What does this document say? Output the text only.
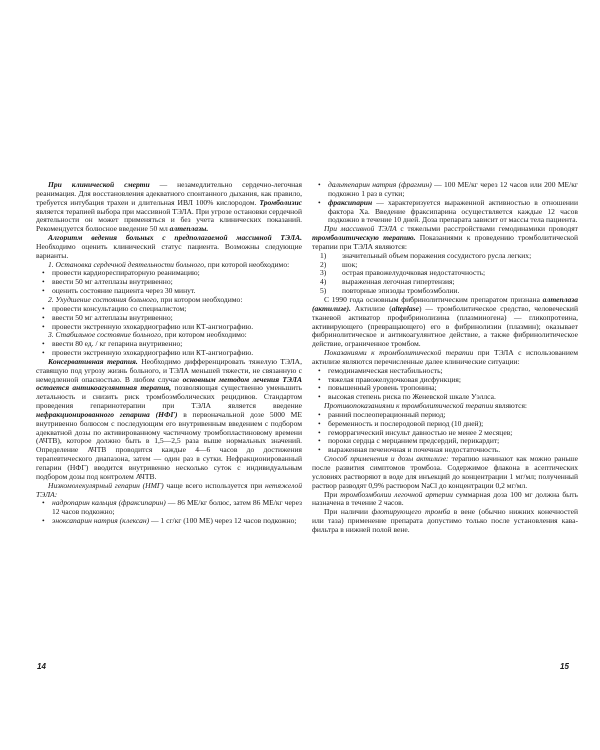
При клинической смерти — незамедлительно сердечно-легочная реанимация. Для восстановления адекватного спонтанного дыхания, как правило, требуется интубация трахеи и длительная ИВЛ 100% кислородом. Тромболизис является терапией выбора при массивной ТЭЛА. При угрозе остановки сердечной деятельности он может применяться и без учета клинических показаний. Рекомендуется болюсное введение 50 мл алтеплазы.

Алгоритм ведения больных с предполагаемой массивной ТЭЛА. Необходимо оценить клинический статус пациента. Возможны следующие варианты.

1. Остановка сердечной деятельности больного, при которой необходимо:

• провести кардиореспираторную реанимацию;
• ввести 50 мг алтеплазы внутривенно;
• оценить состояние пациента через 30 минут.

2. Ухудшение состояния больного, при котором необходимо:

• провести консультацию со специалистом;
• ввести 50 мг алтеплазы внутривенно;
• провести экстренную эхокардиографию или КТ-ангиографию.

3. Стабильное состояние больного, при котором необходимо:

• ввести 80 ед. / кг гепарина внутривенно;
• провести экстренную эхокардиографию или КТ-ангиографию.

Консервативная терапия. Необходимо дифференцировать тяжелую ТЭЛА, ставящую под угрозу жизнь больного, и ТЭЛА меньшей тяжести, не связанную с немедленной опасностью. В любом случае основным методом лечения ТЭЛА остается антикоагулянтная терапия, позволяющая существенно уменьшить летальность и снизить риск тромбоэмболических рецидивов. Стандартом проведения гепаринотерапии при ТЭЛА является введение нефракционированного гепарина (НФГ) в первоначальной дозе 5000 МЕ внутривенно болюсом с последующим его внутривенным введением с подбором адекватной дозы по активированному частичному тромбопластиновому времени (АЧТВ), которое должно быть в 1,5—2,5 раза выше нормальных значений. Определение АЧТВ проводится каждые 4—6 часов до достижения терапевтического диапазона, затем — один раз в сутки. Нефракционированный гепарин (НФГ) вводится внутривенно несколько суток с индивидуальным подбором дозы под контролем АЧТВ.

Низкомолекулярный гепарин (НМГ) чаще всего используется при нетяжелой ТЭЛА:

• надропарин кальция (фраксипарин) — 86 МЕ/кг болюс, затем 86 МЕ/кг через 12 часов подкожно;
• эноксапарин натрия (клексан) — 1 сг/кг (100 МЕ) через 12 часов подкожно;
14
• дальтепарин натрия (фрагмин) — 100 МЕ/кг через 12 часов или 200 МЕ/кг подкожно 1 раз в сутки;
• фраксипарин — характеризуется выраженной активностью в отношении фактора Ха. Введение фраксипарина осуществляется каждые 12 часов подкожно в течение 10 дней. Доза препарата зависит от массы тела пациента.

При массивной ТЭЛА с тяжелыми расстройствами гемодинамики проводят тромболитическую терапию. Показаниями к проведению тромболитической терапии при ТЭЛА являются:

1) значительный объем поражения сосудистого русла легких;
2) шок;
3) острая правожелудочковая недостаточность;
4) выраженная легочная гипертензия;
5) повторные эпизоды тромбоэмболии.

С 1990 года основным фибринолитическим препаратом признана алтеплаза (актилизе). Актилизе (alteplase) — тромболитическое средство, человеческий тканевой активатор профибринолизина (плазминогена) — гликопротеина, активирующего (превращающего) его в фибринолизин (плазмин); оказывает фибринолитическое и антикоагулянтное действие, а также фибринолитическое действие, ограниченное тромбом.

Показаниями к тромболитической терапии при ТЭЛА с использованием актилизе являются перечисленные далее клинические ситуации:

• гемодинамическая нестабильность;
• тяжелая правожелудочковая дисфункция;
• повышенный уровень тропонина;
• высокая степень риска по Женевской шкале Уэллса.

Противопоказаниями к тромболитической терапии являются:

• ранний послеоперационный период;
• беременность и послеродовой период (10 дней);
• геморрагический инсульт давностью не менее 2 месяцев;
• пороки сердца с мерцанием предсердий, перикардит;
• выраженная печеночная и почечная недостаточность.

Способ применения и дозы актилизе: терапию начинают как можно раньше после развития симптомов тромбоза. Содержимое флакона в асептических условиях растворяют в воде для инъекций до концентрации 1 мг/мл; полученный раствор разводят 0,9% раствором NaCl до концентрации 0,2 мг/мл.

При тромбоэмболии легочной артерии суммарная доза 100 мг должна быть назначена в течение 2 часов.

При наличии флотирующего тромба в вене (обычно нижних конечностей или таза) применение препарата допустимо только после установления кава-фильтра в нижней полой вене.

15
